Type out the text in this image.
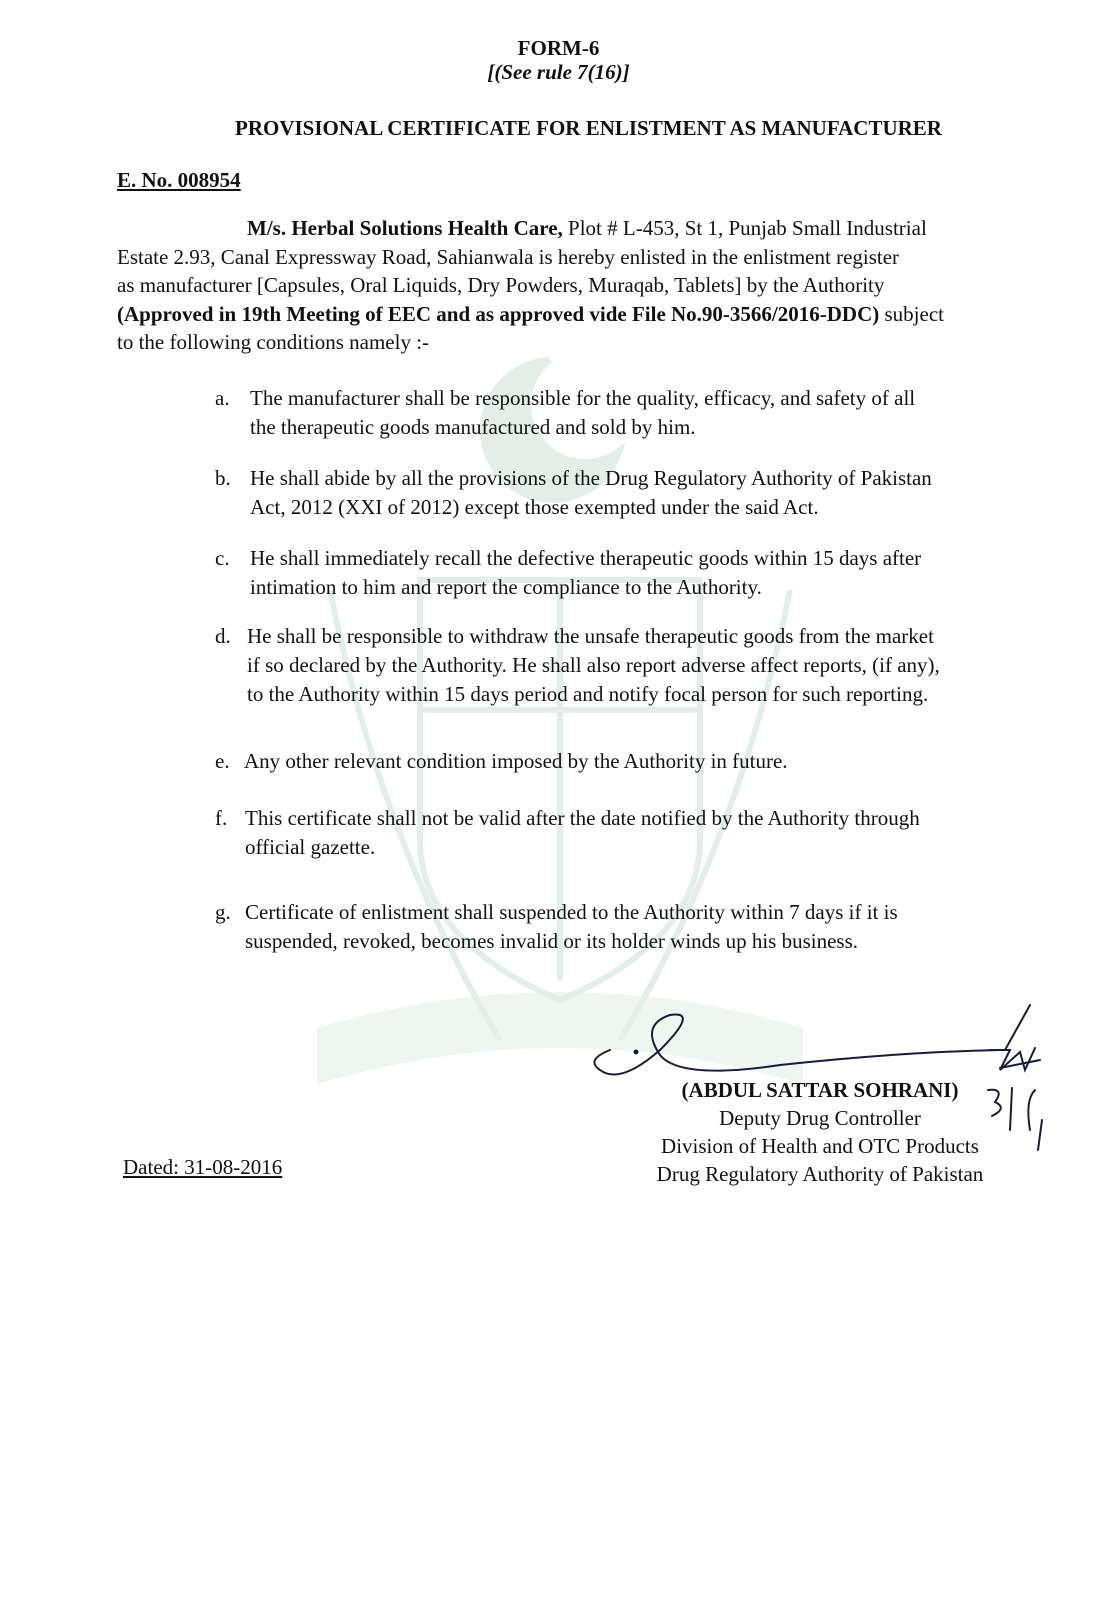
FORM-6
[(See rule 7(16)]
PROVISIONAL CERTIFICATE FOR ENLISTMENT AS MANUFACTURER
E. No. 008954
M/s. Herbal Solutions Health Care, Plot # L-453, St 1, Punjab Small Industrial
Estate 2.93, Canal Expressway Road, Sahianwala is hereby enlisted in the enlistment register
as manufacturer [Capsules, Oral Liquids, Dry Powders, Muraqab, Tablets] by the Authority
(Approved in 19th Meeting of EEC and as approved vide File No.90-3566/2016-DDC) subject
to the following conditions namely :-
a. The manufacturer shall be responsible for the quality, efficacy, and safety of all
the therapeutic goods manufactured and sold by him.
b. He shall abide by all the provisions of the Drug Regulatory Authority of Pakistan
Act, 2012 (XXI of 2012) except those exempted under the said Act.
c. He shall immediately recall the defective therapeutic goods within 15 days after
intimation to him and report the compliance to the Authority.
d. He shall be responsible to withdraw the unsafe therapeutic goods from the market
if so declared by the Authority. He shall also report adverse affect reports, (if any),
to the Authority within 15 days period and notify focal person for such reporting.
e. Any other relevant condition imposed by the Authority in future.
f. This certificate shall not be valid after the date notified by the Authority through
official gazette.
g. Certificate of enlistment shall suspended to the Authority within 7 days if it is
suspended, revoked, becomes invalid or its holder winds up his business.
(ABDUL SATTAR SOHRANI)
Deputy Drug Controller
Division of Health and OTC Products
Drug Regulatory Authority of Pakistan
Dated: 31-08-2016
